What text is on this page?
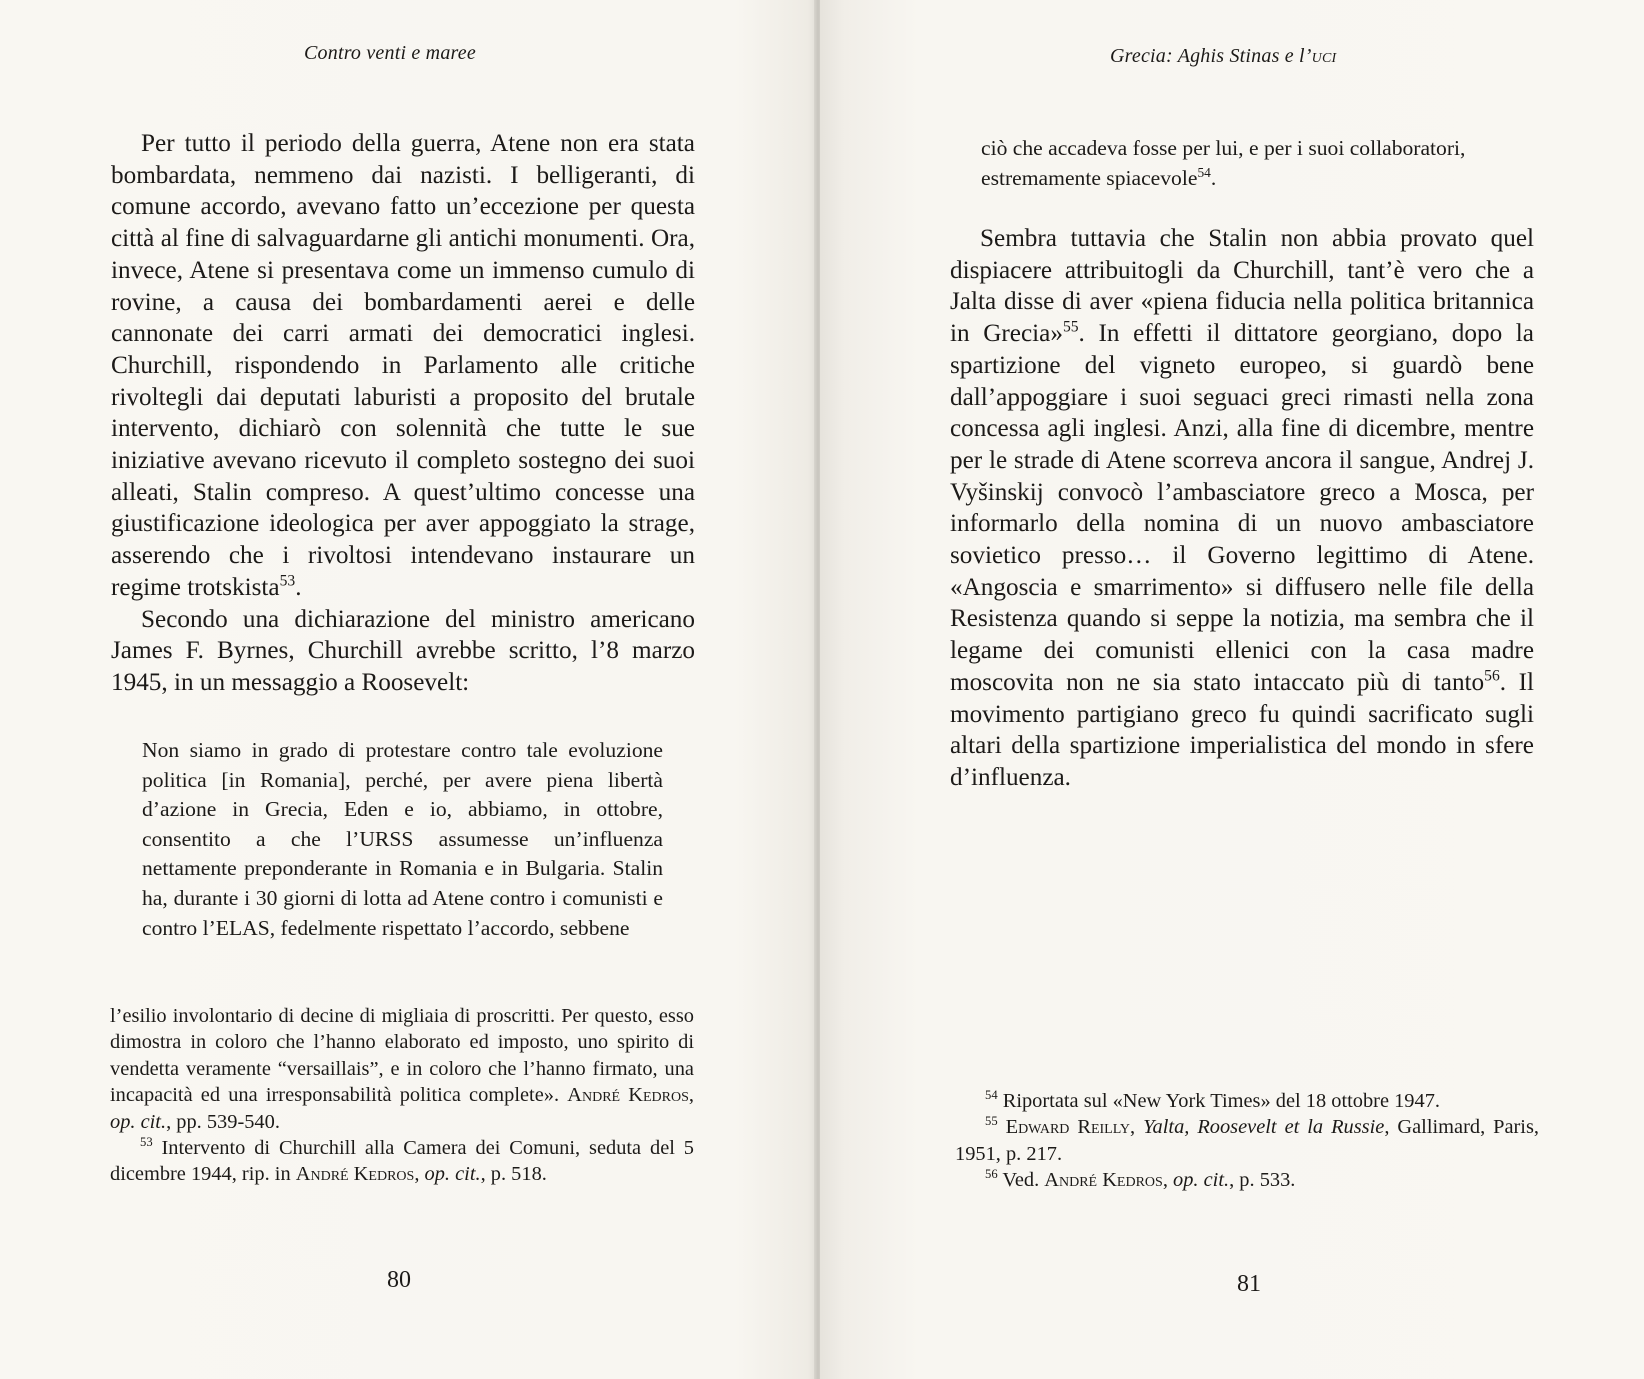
Contro venti e maree

Per tutto il periodo della guerra, Atene non era stata bombardata, nemmeno dai nazisti. I belligeranti, di comune accordo, avevano fatto un’eccezione per questa città al fine di salvaguardarne gli antichi monumenti. Ora, invece, Atene si presentava come un immenso cumulo di rovine, a causa dei bombardamenti aerei e delle cannonate dei carri armati dei democratici inglesi. Churchill, rispondendo in Parlamento alle critiche rivoltegli dai deputati laburisti a proposito del brutale intervento, dichiarò con solennità che tutte le sue iniziative avevano ricevuto il completo sostegno dei suoi alleati, Stalin compreso. A quest’ultimo concesse una giustificazione ideologica per aver appoggiato la strage, asserendo che i rivoltosi intendevano instaurare un regime trotskista$^{53}$.

Secondo una dichiarazione del ministro americano James F. Byrnes, Churchill avrebbe scritto, l’8 marzo 1945, in un messaggio a Roosevelt:

Non siamo in grado di protestare contro tale evoluzione politica [in Romania], perché, per avere piena libertà d’azione in Grecia, Eden e io, abbiamo, in ottobre, consentito a che l’URSS assumesse un’influenza nettamente preponderante in Romania e in Bulgaria. Stalin ha, durante i 30 giorni di lotta ad Atene contro i comunisti e contro l’ELAS, fedelmente rispettato l’accordo, sebbene

l’esilio involontario di decine di migliaia di proscritti. Per questo, esso dimostra in coloro che l’hanno elaborato ed imposto, uno spirito di vendetta veramente “versaillais”, e in coloro che l’hanno firmato, una incapacità ed una irresponsabilità politica complete». André Kedros, op. cit., pp. 539-540.

$^{53}$ Intervento di Churchill alla Camera dei Comuni, seduta del 5 dicembre 1944, rip. in André Kedros, op. cit., p. 518.

80
Grecia: Aghis Stinas e l’uci

ciò che accadeva fosse per lui, e per i suoi collaboratori, estremamente spiacevole$^{54}$.

Sembra tuttavia che Stalin non abbia provato quel dispiacere attribuitogli da Churchill, tant’è vero che a Jalta disse di aver «piena fiducia nella politica britannica in Grecia»$^{55}$. In effetti il dittatore georgiano, dopo la spartizione del vigneto europeo, si guardò bene dall’appoggiare i suoi seguaci greci rimasti nella zona concessa agli inglesi. Anzi, alla fine di dicembre, mentre per le strade di Atene scorreva ancora il sangue, Andrej J. Vyšinskij convocò l’ambasciatore greco a Mosca, per informarlo della nomina di un nuovo ambasciatore sovietico presso… il Governo legittimo di Atene. «Angoscia e smarrimento» si diffusero nelle file della Resistenza quando si seppe la notizia, ma sembra che il legame dei comunisti ellenici con la casa madre moscovita non ne sia stato intaccato più di tanto$^{56}$. Il movimento partigiano greco fu quindi sacrificato sugli altari della spartizione imperialistica del mondo in sfere d’influenza.

$^{54}$ Riportata sul «New York Times» del 18 ottobre 1947.

$^{55}$ Edward Reilly, Yalta, Roosevelt et la Russie, Gallimard, Paris, 1951, p. 217.

$^{56}$ Ved. André Kedros, op. cit., p. 533.

81
